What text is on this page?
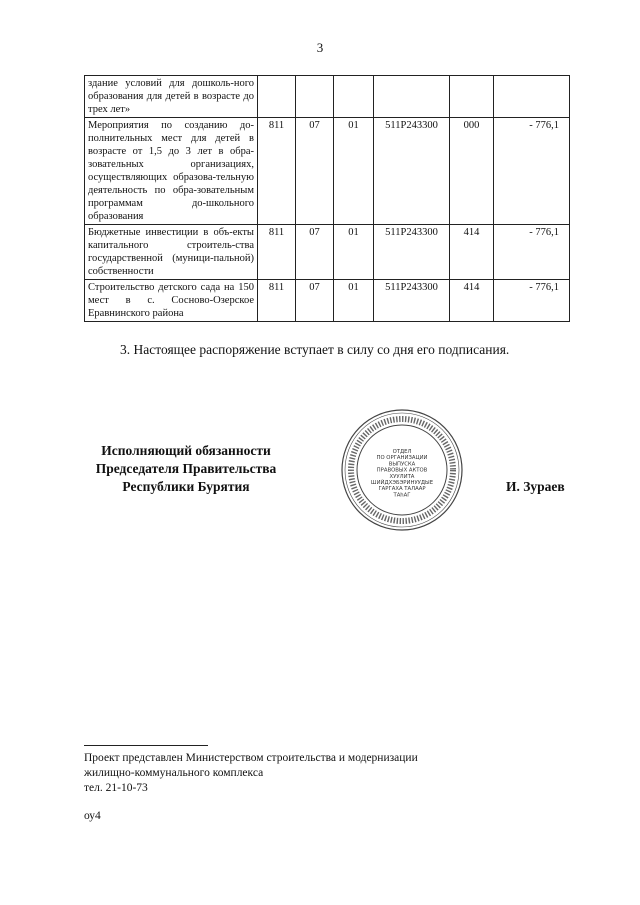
3
здание условий для дошколь-ного образования для детей в возрасте до трех лет»						
Мероприятия по созданию до-полнительных мест для детей в возрасте от 1,5 до 3 лет в обра-зовательных организациях, осуществляющих образова-тельную деятельность по обра-зовательным программам до-школьного образования	811	07	01	511P243300	000	- 776,1
Бюджетные инвестиции в объ-екты капитального строитель-ства государственной (муници-пальной) собственности	811	07	01	511P243300	414	- 776,1
Строительство детского сада на 150 мест в с. Сосново-Озерское Еравнинского района	811	07	01	511P243300	414	- 776,1
3. Настоящее распоряжение вступает в силу со дня его подписания.
Исполняющий обязанности
Председателя Правительства
Республики Бурятия
ОТДЕЛ
ПО ОРГАНИЗАЦИИ
ВЫПУСКА
ПРАВОВЫХ АКТОВ
ХУУЛИТА
ШИЙДХЭБЭРИНУУДЫЕ
ГАРГАХА ТАЛААР
ТАһАГ
И. Зураев
Проект представлен Министерством строительства и модернизации
жилищно-коммунального комплекса
тел. 21-10-73
оу4
